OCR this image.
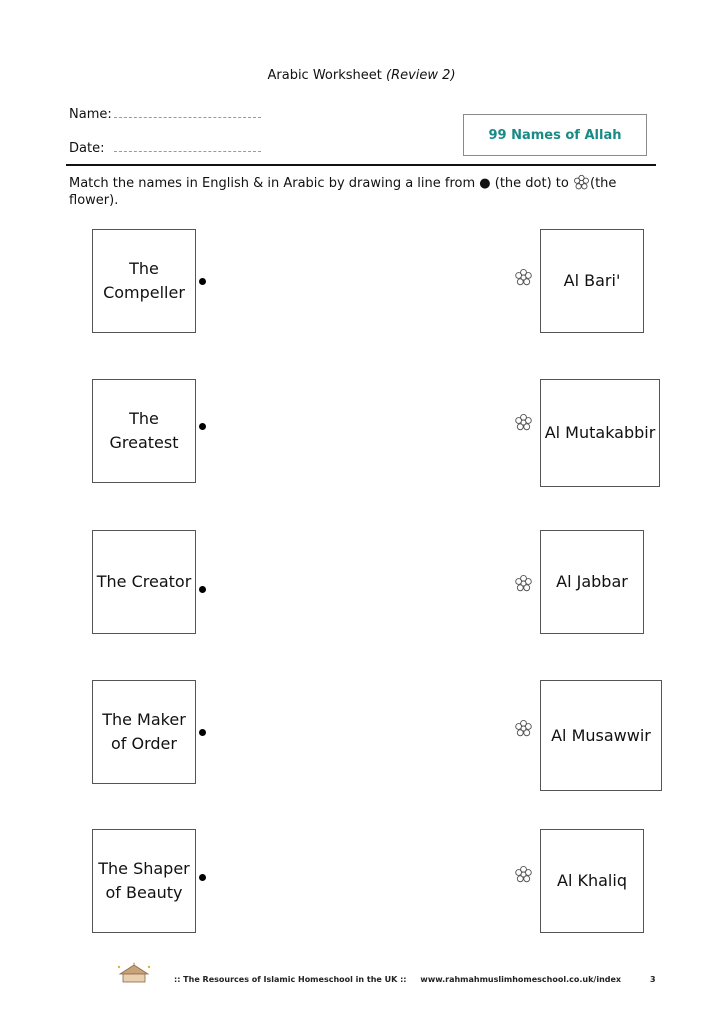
Arabic Worksheet (Review 2)
Name:
Date:
99 Names of Allah
Match the names in English & in Arabic by drawing a line from ● (the dot) to (the flower).
The
Compeller
Al Bari'
The
Greatest
Al Mutakabbir
The Creator	Al Jabbar
The Maker
of Order	Al Musawwir
The Shaper
of Beauty
Al Khaliq
:: The Resources of Islamic Homeschool in the UK ::     www.rahmahmuslimhomeschool.co.uk/index	3
